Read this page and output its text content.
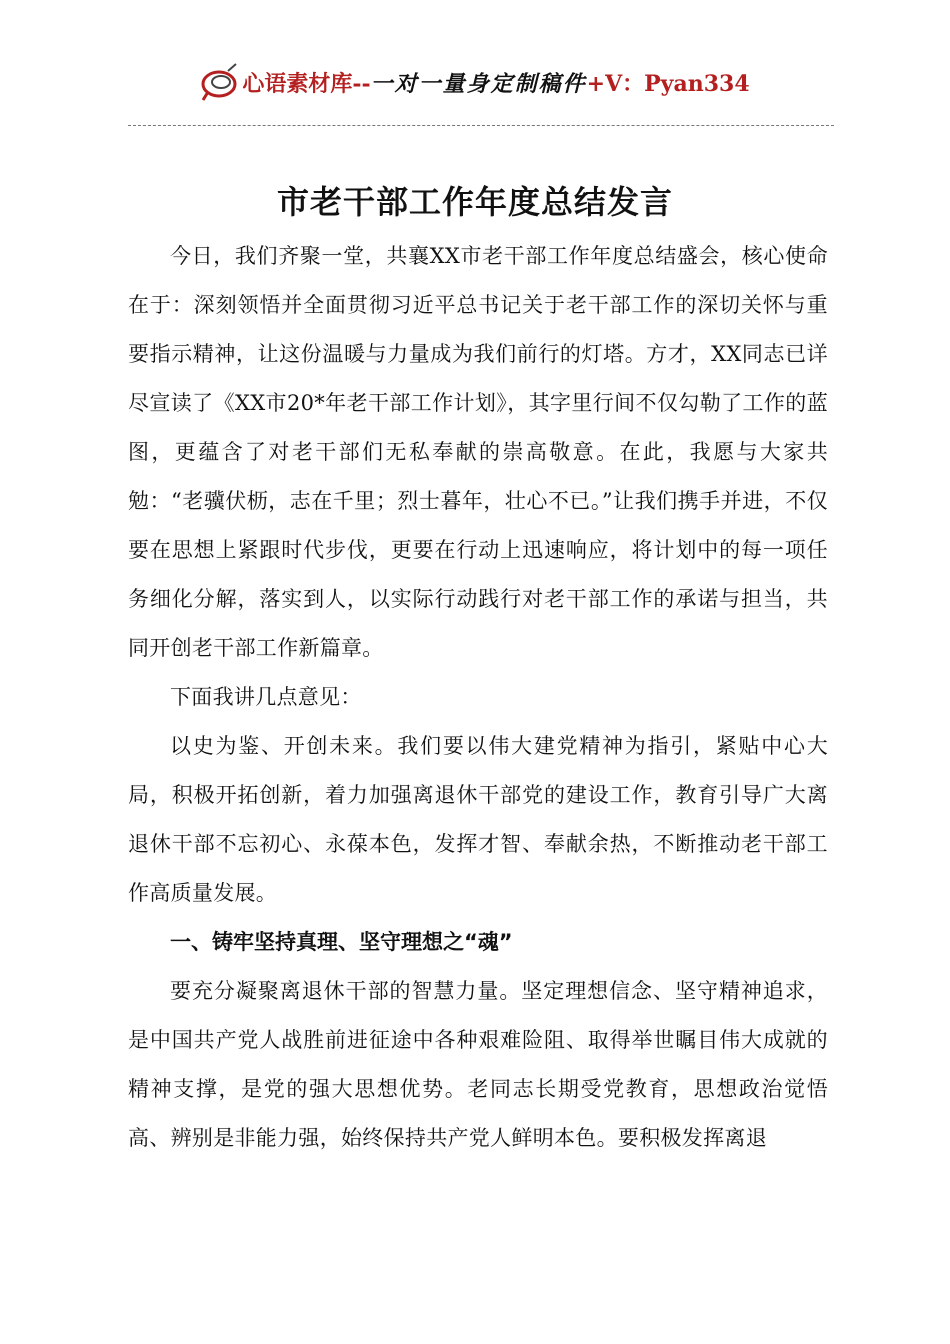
心语素材库--一对一量身定制稿件+V：Pyan334
市老干部工作年度总结发言

今日，我们齐聚一堂，共襄XX市老干部工作年度总结盛会，核心使命在于：深刻领悟并全面贯彻习近平总书记关于老干部工作的深切关怀与重要指示精神，让这份温暖与力量成为我们前行的灯塔。方才，XX同志已详尽宣读了《XX市20*年老干部工作计划》，其字里行间不仅勾勒了工作的蓝图，更蕴含了对老干部们无私奉献的崇高敬意。在此，我愿与大家共勉：“老骥伏枥，志在千里；烈士暮年，壮心不已。”让我们携手并进，不仅要在思想上紧跟时代步伐，更要在行动上迅速响应，将计划中的每一项任务细化分解，落实到人，以实际行动践行对老干部工作的承诺与担当，共同开创老干部工作新篇章。

下面我讲几点意见：

以史为鉴、开创未来。我们要以伟大建党精神为指引，紧贴中心大局，积极开拓创新，着力加强离退休干部党的建设工作，教育引导广大离退休干部不忘初心、永葆本色，发挥才智、奉献余热，不断推动老干部工作高质量发展。

一、铸牢坚持真理、坚守理想之“魂”

要充分凝聚离退休干部的智慧力量。坚定理想信念、坚守精神追求，是中国共产党人战胜前进征途中各种艰难险阻、取得举世瞩目伟大成就的精神支撑，是党的强大思想优势。老同志长期受党教育，思想政治觉悟高、辨别是非能力强，始终保持共产党人鲜明本色。要积极发挥离退
